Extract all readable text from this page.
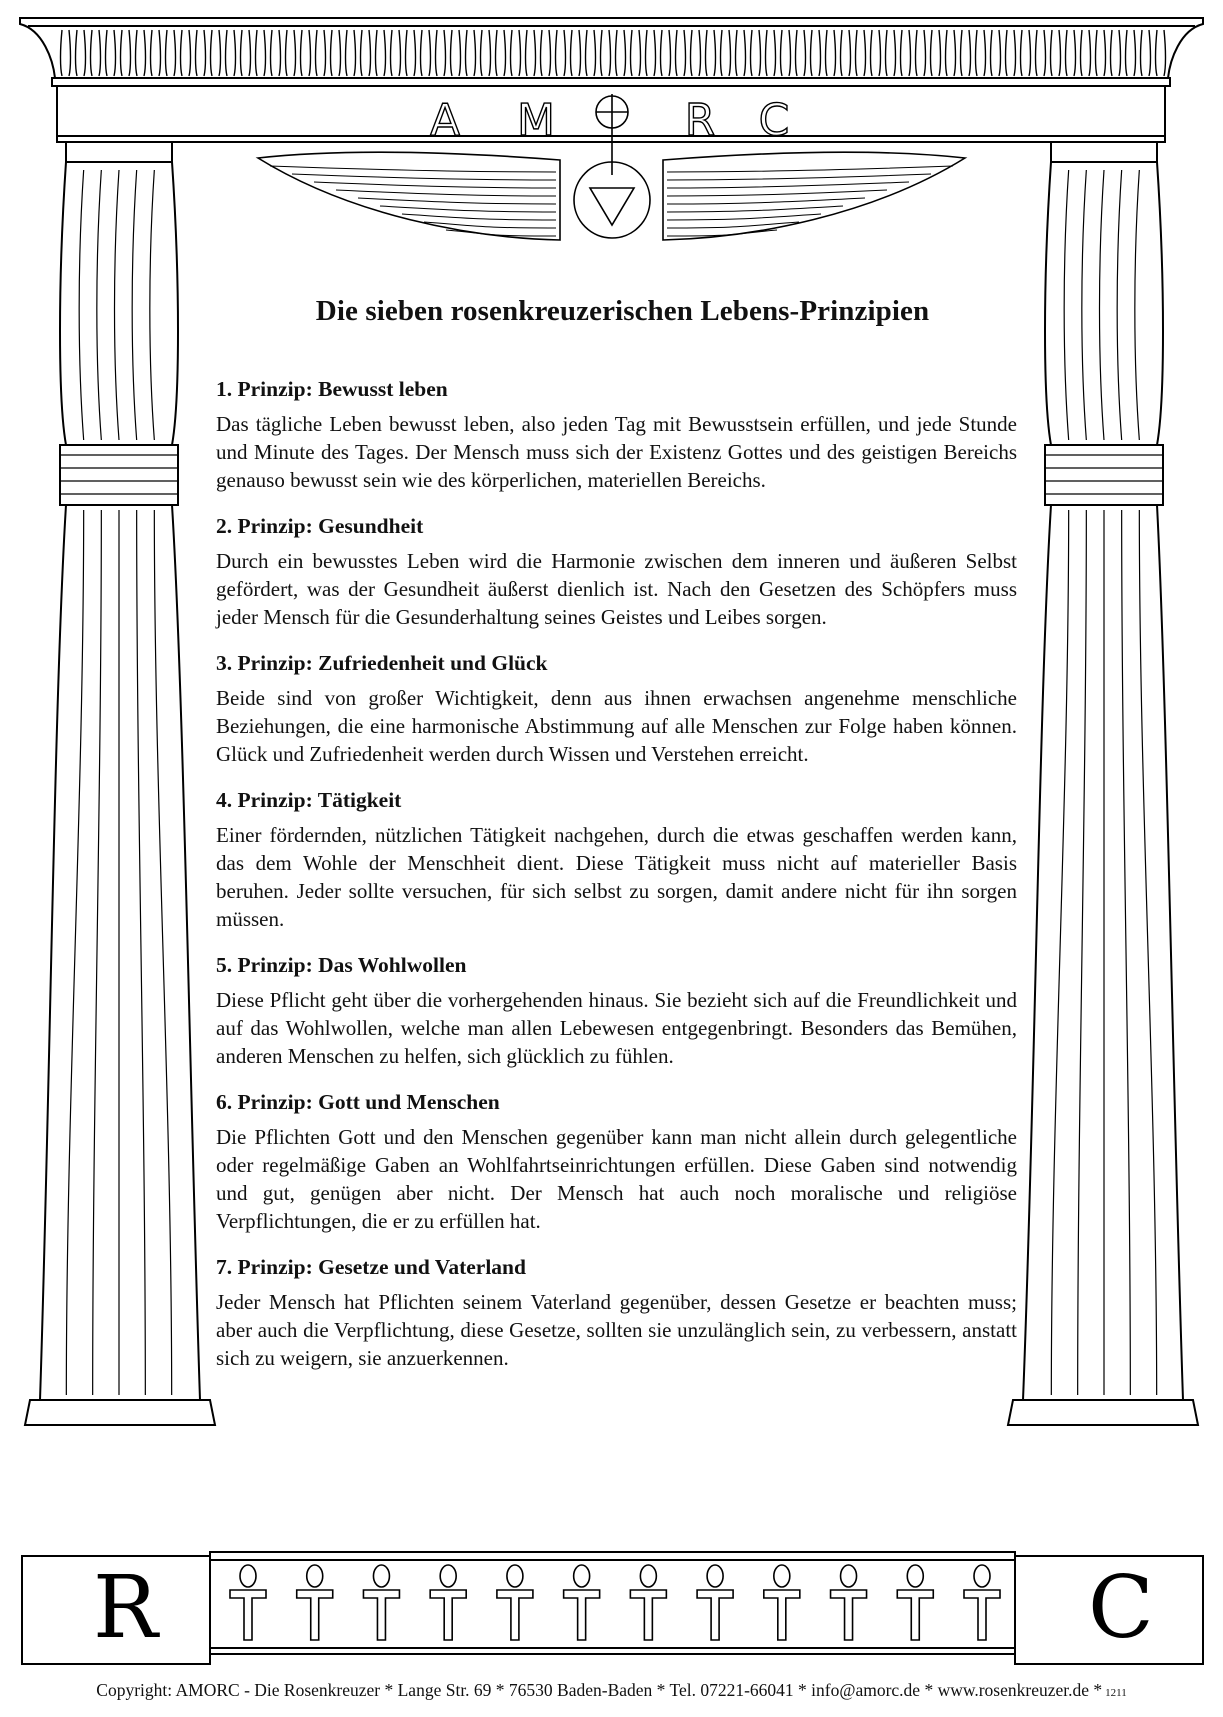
A M	R C
Die sieben rosenkreuzerischen Lebens-Prinzipien
1. Prinzip: Bewusst leben

Das tägliche Leben bewusst leben, also jeden Tag mit Bewusstsein erfüllen, und jede Stunde und Minute des Tages. Der Mensch muss sich der Existenz Gottes und des geistigen Bereichs genauso bewusst sein wie des körperlichen, materiellen Bereichs.

2. Prinzip: Gesundheit

Durch ein bewusstes Leben wird die Harmonie zwischen dem inneren und äußeren Selbst gefördert, was der Gesundheit äußerst dienlich ist. Nach den Gesetzen des Schöpfers muss jeder Mensch für die Gesunderhaltung seines Geistes und Leibes sorgen.

3. Prinzip: Zufriedenheit und Glück

Beide sind von großer Wichtigkeit, denn aus ihnen erwachsen angenehme menschliche Beziehungen, die eine harmonische Abstimmung auf alle Menschen zur Folge haben können. Glück und Zufriedenheit werden durch Wissen und Verstehen erreicht.

4. Prinzip: Tätigkeit

Einer fördernden, nützlichen Tätigkeit nachgehen, durch die etwas geschaffen werden kann, das dem Wohle der Menschheit dient. Diese Tätigkeit muss nicht auf materieller Basis beruhen. Jeder sollte versuchen, für sich selbst zu sorgen, damit andere nicht für ihn sorgen müssen.

5. Prinzip: Das Wohlwollen

Diese Pflicht geht über die vorhergehenden hinaus. Sie bezieht sich auf die Freundlichkeit und auf das Wohlwollen, welche man allen Lebewesen entgegenbringt. Besonders das Bemühen, anderen Menschen zu helfen, sich glücklich zu fühlen.

6. Prinzip: Gott und Menschen

Die Pflichten Gott und den Menschen gegenüber kann man nicht allein durch gelegentliche oder regelmäßige Gaben an Wohlfahrtseinrichtungen erfüllen. Diese Gaben sind notwendig und gut, genügen aber nicht. Der Mensch hat auch noch moralische und religiöse Verpflichtungen, die er zu erfüllen hat.

7. Prinzip: Gesetze und Vaterland

Jeder Mensch hat Pflichten seinem Vaterland gegenüber, dessen Gesetze er beachten muss; aber auch die Verpflichtung, diese Gesetze, sollten sie unzulänglich sein, zu verbessern, anstatt sich zu weigern, sie anzuerkennen.

R	C
Copyright: AMORC - Die Rosenkreuzer * Lange Str. 69 * 76530 Baden-Baden * Tel. 07221-66041 * info@amorc.de * www.rosenkreuzer.de * 1211
